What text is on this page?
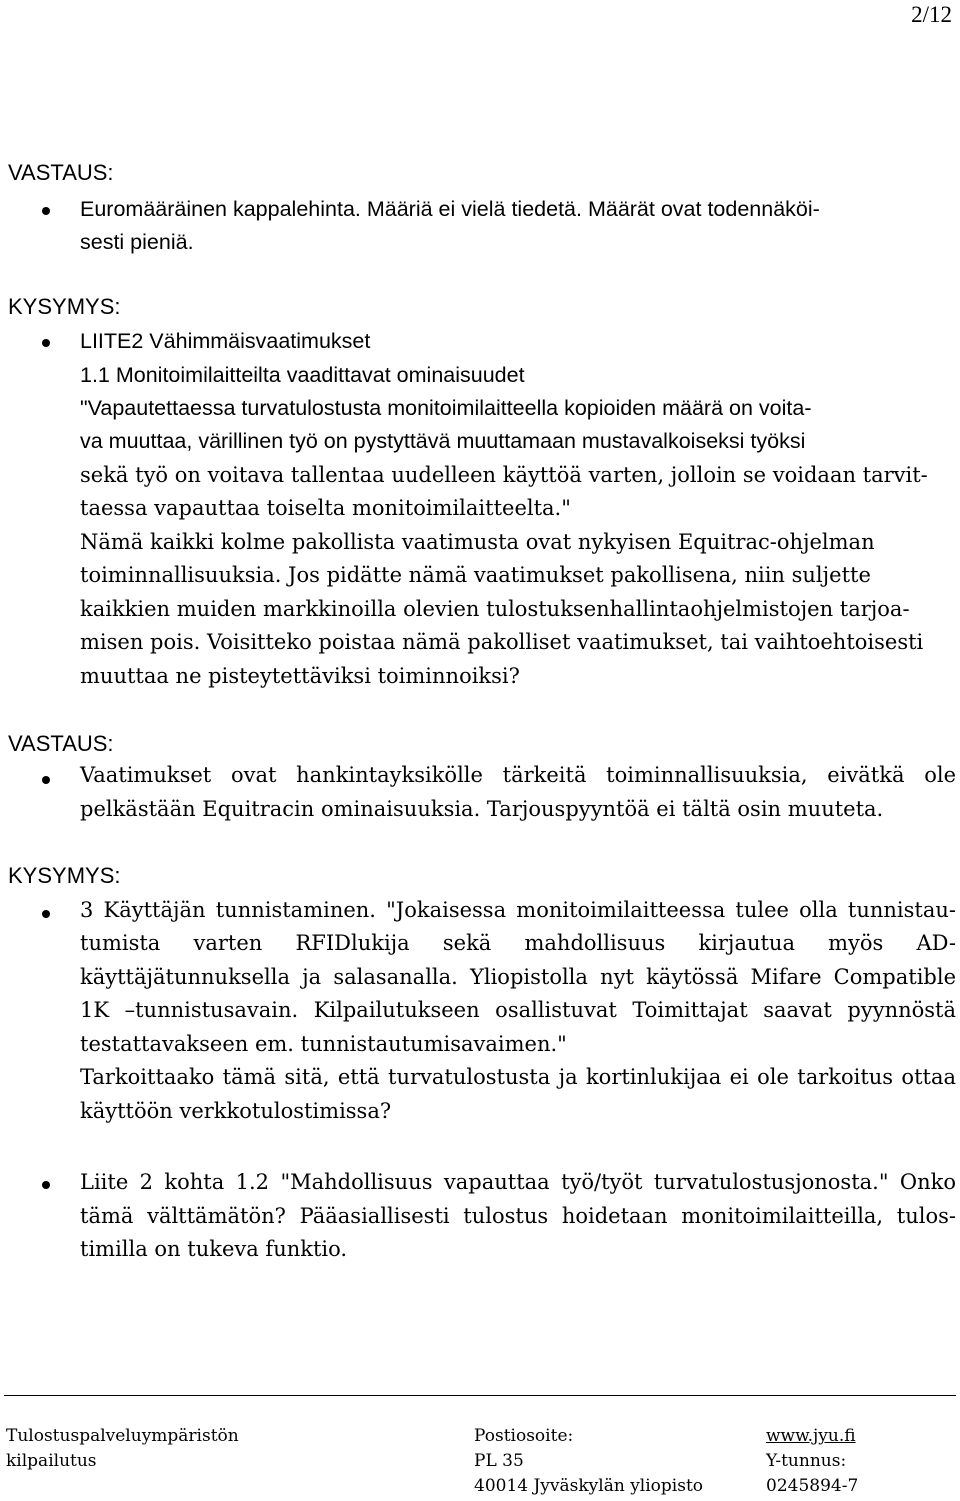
2/12
VASTAUS:
Euromääräinen kappalehinta. Määriä ei vielä tiedetä. Määrät ovat todennäköi-
sesti pieniä.
KYSYMYS:
LIITE2 Vähimmäisvaatimukset
1.1 Monitoimilaitteilta vaadittavat ominaisuudet
"Vapautettaessa turvatulostusta monitoimilaitteella kopioiden määrä on voita-
va muuttaa, värillinen työ on pystyttävä muuttamaan mustavalkoiseksi työksi
sekä työ on voitava tallentaa uudelleen käyttöä varten, jolloin se voidaan tarvit-
taessa vapauttaa toiselta monitoimilaitteelta."
Nämä kaikki kolme pakollista vaatimusta ovat nykyisen Equitrac-ohjelman
toiminnallisuuksia. Jos pidätte nämä vaatimukset pakollisena, niin suljette
kaikkien muiden markkinoilla olevien tulostuksenhallintaohjelmistojen tarjoa-
misen pois. Voisitteko poistaa nämä pakolliset vaatimukset, tai vaihtoehtoisesti
muuttaa ne pisteytettäviksi toiminnoiksi?
VASTAUS:
Vaatimukset ovat hankintayksikölle tärkeitä toiminnallisuuksia, eivätkä ole
pelkästään Equitracin ominaisuuksia. Tarjouspyyntöä ei tältä osin muuteta.
KYSYMYS:
3 Käyttäjän tunnistaminen. "Jokaisessa monitoimilaitteessa tulee olla tunnistau-
tumista varten RFIDlukija sekä mahdollisuus kirjautua myös AD-
käyttäjätunnuksella ja salasanalla. Yliopistolla nyt käytössä Mifare Compatible
1K –tunnistusavain. Kilpailutukseen osallistuvat Toimittajat saavat pyynnöstä
testattavakseen em. tunnistautumisavaimen."
Tarkoittaako tämä sitä, että turvatulostusta ja kortinlukijaa ei ole tarkoitus ottaa
käyttöön verkkotulostimissa?
Liite 2 kohta 1.2 "Mahdollisuus vapauttaa työ/työt turvatulostusjonosta." Onko
tämä välttämätön? Pääasiallisesti tulostus hoidetaan monitoimilaitteilla, tulos-
timilla on tukeva funktio.
Tulostuspalveluympäristön
kilpailutus
Postiosoite:
PL 35
40014 Jyväskylän yliopisto
www.jyu.fi
Y-tunnus:
0245894-7
